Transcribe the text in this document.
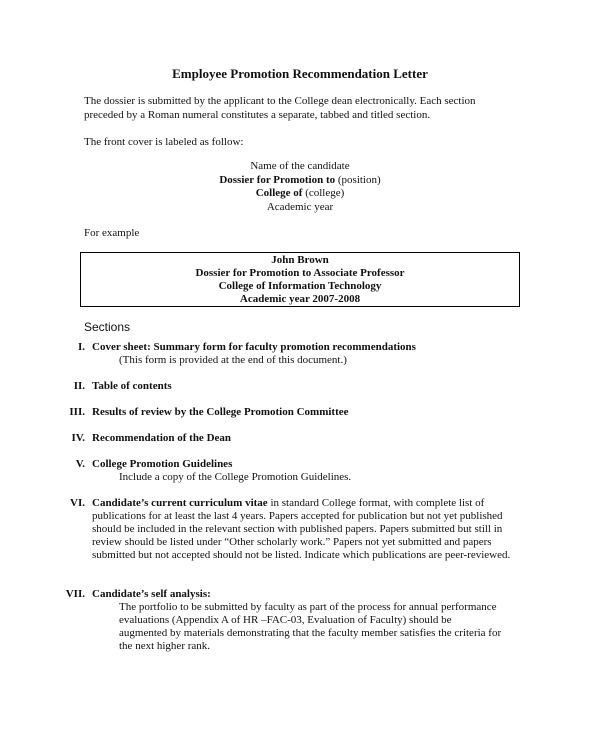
Employee Promotion Recommendation Letter
The dossier is submitted by the applicant to the College dean electronically. Each section
preceded by a Roman numeral constitutes a separate, tabbed and titled section.
The front cover is labeled as follow:
Name of the candidate
Dossier for Promotion to (position)
College of (college)
Academic year
For example
John Brown
Dossier for Promotion to Associate Professor
College of Information Technology
Academic year 2007-2008
Sections
I. Cover sheet: Summary form for faculty promotion recommendations
(This form is provided at the end of this document.)
II. Table of contents
III. Results of review by the College Promotion Committee
IV. Recommendation of the Dean
V. College Promotion Guidelines
Include a copy of the College Promotion Guidelines.
VI. Candidate’s current curriculum vitae in standard College format, with complete list of publications for at least the last 4 years. Papers accepted for publication but not yet published should be included in the relevant section with published papers. Papers submitted but still in review should be listed under “Other scholarly work.” Papers not yet submitted and papers submitted but not accepted should not be listed. Indicate which publications are peer-reviewed.
VII. Candidate’s self analysis:
The portfolio to be submitted by faculty as part of the process for annual performance evaluations (Appendix A of HR –FAC-03, Evaluation of Faculty) should be augmented by materials demonstrating that the faculty member satisfies the criteria for the next higher rank.
